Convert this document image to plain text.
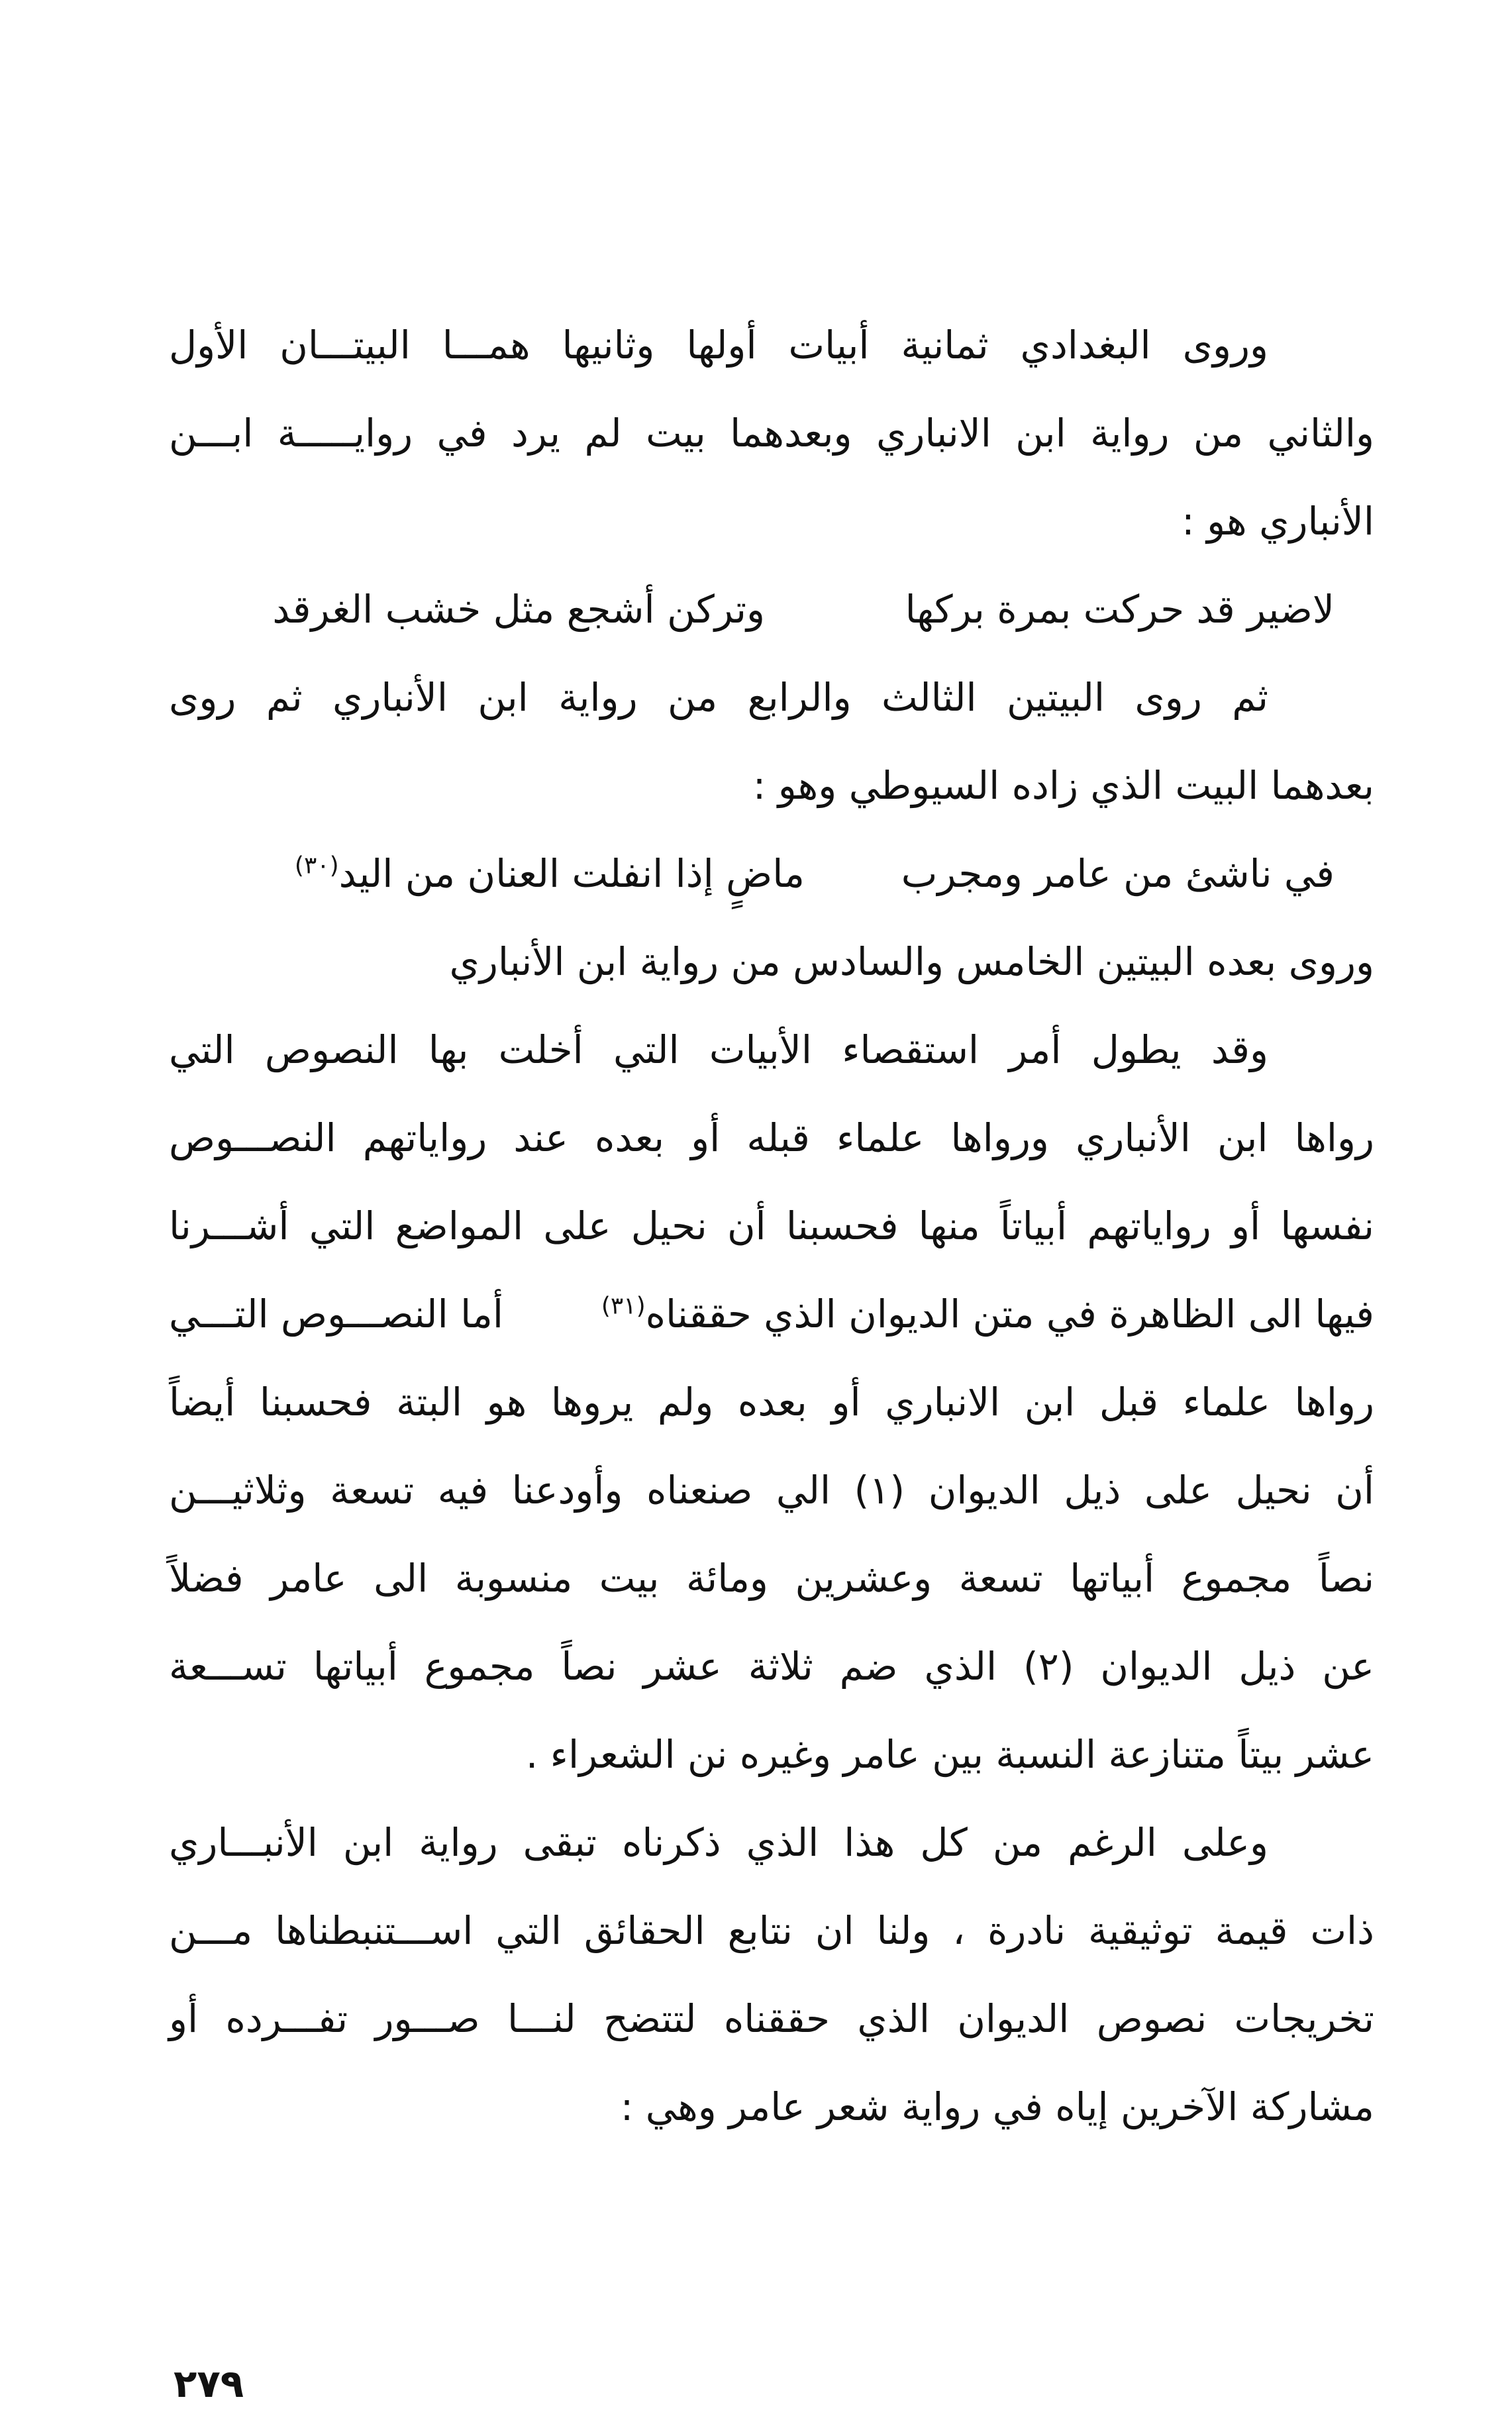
وروى البغدادي ثمانية أبيات أولها وثانيها همـــا البيتـــان الأول
والثاني من رواية ابن الانباري وبعدهما بيت لم يرد في روايـــــة ابـــن
الأنباري هو :
لاضير قد حركت بمرة بركها
وتركن أشجع مثل خشب الغرقد
ثم روى البيتين الثالث والرابع من رواية ابن الأنباري ثم روى
بعدهما البيت الذي زاده السيوطي وهو :
في ناشئ من عامر ومجرب
ماضٍ إذا انفلت العنان من اليد$^{(٣٠)}$
وروى بعده البيتين الخامس والسادس من رواية ابن الأنباري
وقد يطول أمر استقصاء الأبيات التي أخلت بها النصوص التي
رواها ابن الأنباري ورواها علماء قبله أو بعده عند رواياتهم النصـــوص
نفسها أو رواياتهم أبياتاً منها فحسبنا أن نحيل على المواضع التي أشـــرنا
فيها الى الظاهرة في متن الديوان الذي حققناه$^{(٣١)}$
أما النصـــوص التـــي
رواها علماء قبل ابن الانباري أو بعده ولم يروها هو البتة فحسبنا أيضاً
أن نحيل على ذيل الديوان (١) الي صنعناه وأودعنا فيه تسعة وثلاثيـــن
نصاً مجموع أبياتها تسعة وعشرين ومائة بيت منسوبة الى عامر فضلاً
عن ذيل الديوان (٢) الذي ضم ثلاثة عشر نصاً مجموع أبياتها تســـعة
عشر بيتاً متنازعة النسبة بين عامر وغيره نن الشعراء .
وعلى الرغم من كل هذا الذي ذكرناه تبقى رواية ابن الأنبـــاري
ذات قيمة توثيقية نادرة ، ولنا ان نتابع الحقائق التي اســـتنبطناها مـــن
تخريجات نصوص الديوان الذي حققناه لتتضح لنـــا صـــور تفـــرده أو
مشاركة الآخرين إياه في رواية شعر عامر وهي :
٢٧٩
